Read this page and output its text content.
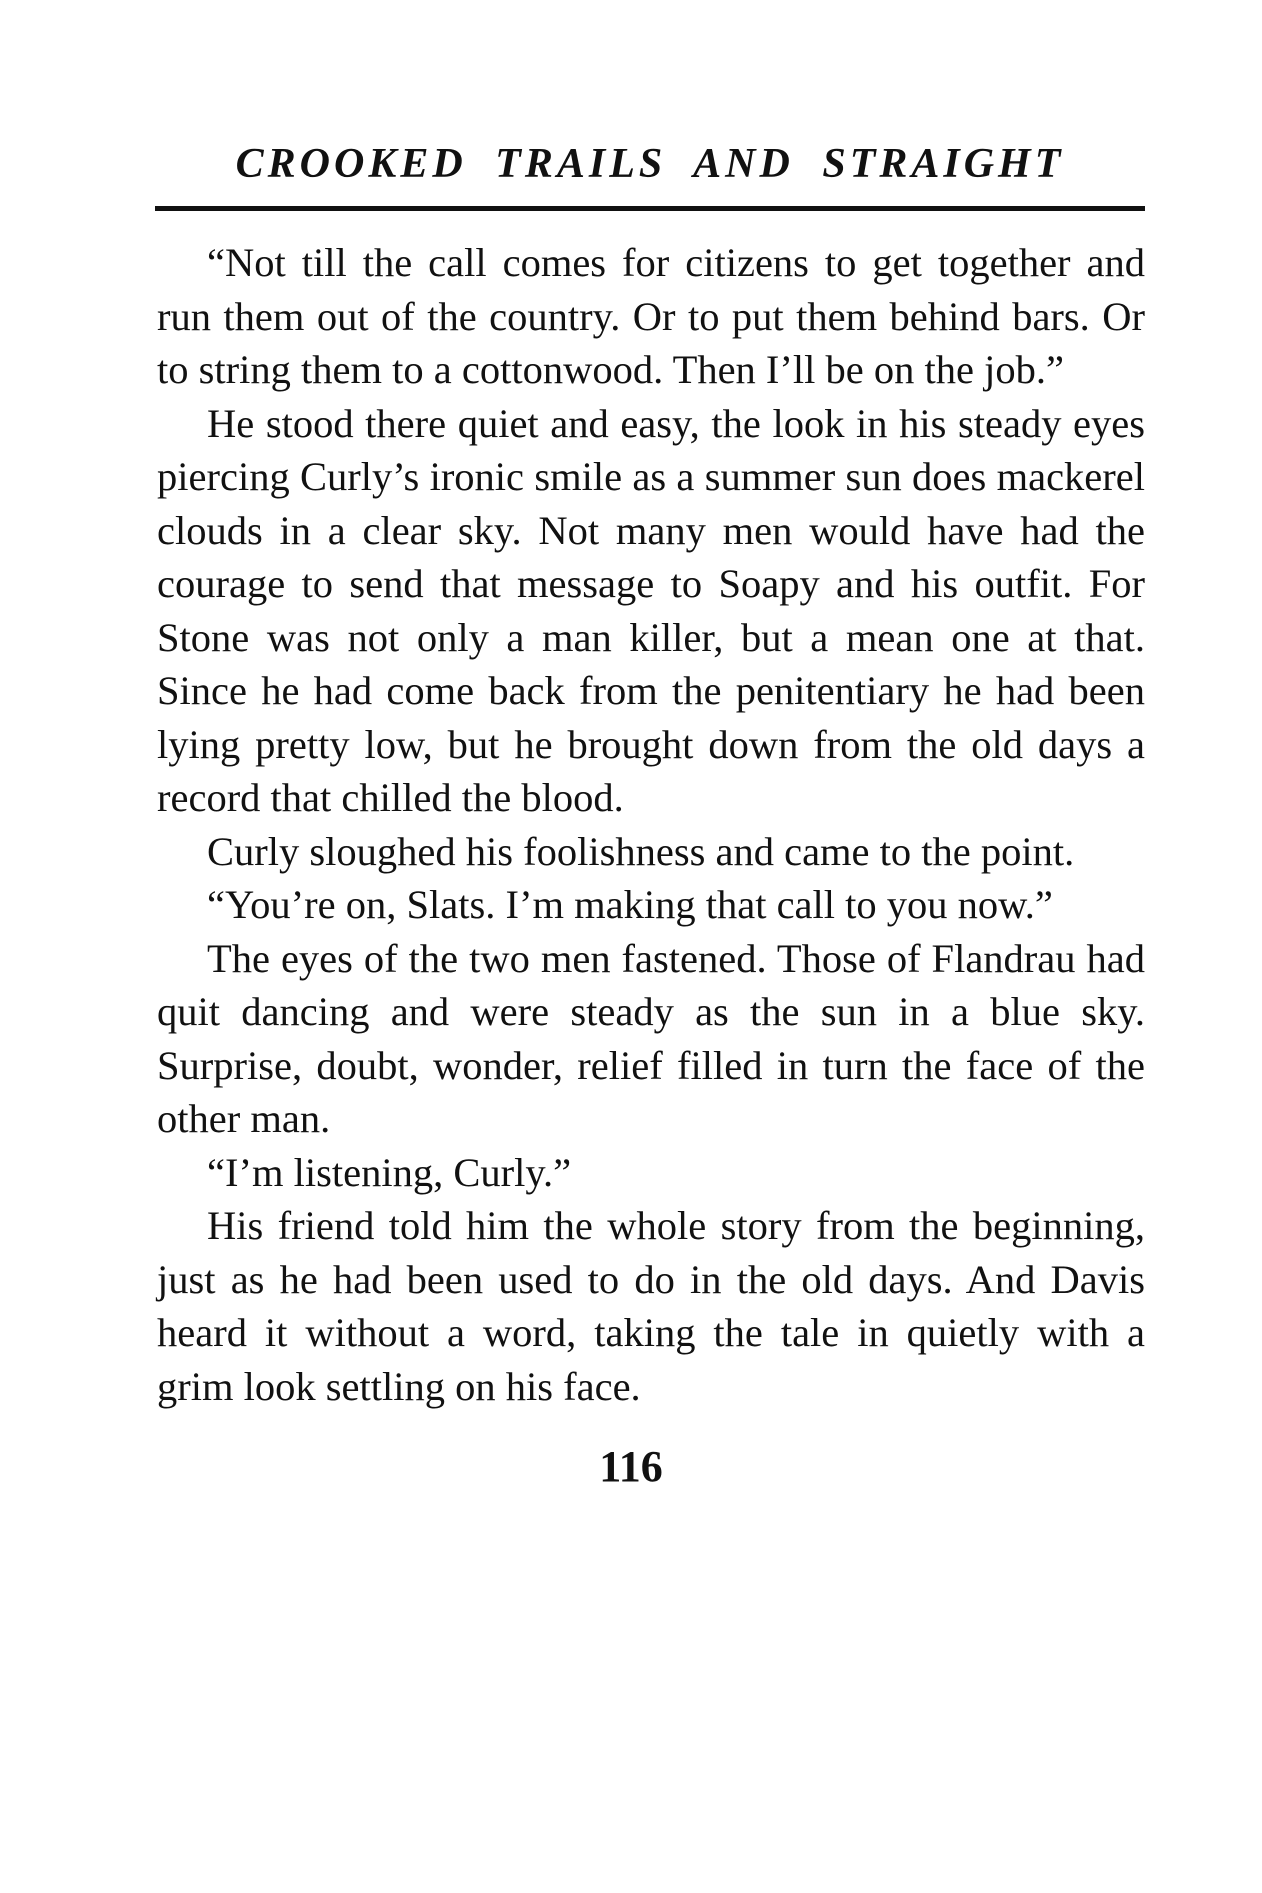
CROOKED TRAILS AND STRAIGHT

“Not till the call comes for citizens to get together and run them out of the country. Or to put them behind bars. Or to string them to a cottonwood. Then I’ll be on the job.”

He stood there quiet and easy, the look in his steady eyes piercing Curly’s ironic smile as a summer sun does mackerel clouds in a clear sky. Not many men would have had the courage to send that message to Soapy and his outfit. For Stone was not only a man killer, but a mean one at that. Since he had come back from the penitentiary he had been lying pretty low, but he brought down from the old days a record that chilled the blood.

Curly sloughed his foolishness and came to the point.

“You’re on, Slats. I’m making that call to you now.”

The eyes of the two men fastened. Those of Flandrau had quit dancing and were steady as the sun in a blue sky. Surprise, doubt, wonder, relief filled in turn the face of the other man.

“I’m listening, Curly.”

His friend told him the whole story from the beginning, just as he had been used to do in the old days. And Davis heard it without a word, taking the tale in quietly with a grim look settling on his face.

116
